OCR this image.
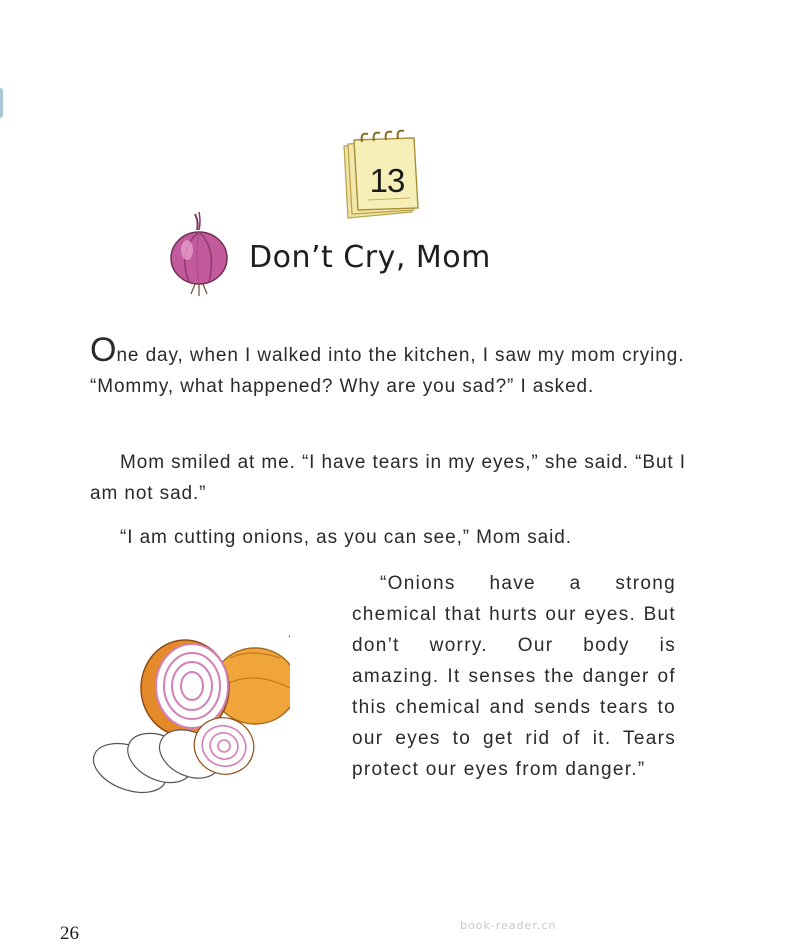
13
Don’t Cry, Mom

One day, when I walked into the kitchen, I saw my mom crying. “Mommy, what happened? Why are you sad?” I asked.

Mom smiled at me. “I have tears in my eyes,” she said. “But I am not sad.”

“I am cutting onions, as you can see,” Mom said.

“Onions have a strong chemical that hurts our eyes. But don’t worry. Our body is amazing. It senses the danger of this chemical and sends tears to our eyes to get rid of it. Tears protect our eyes from danger.”

26	book-reader.cn
